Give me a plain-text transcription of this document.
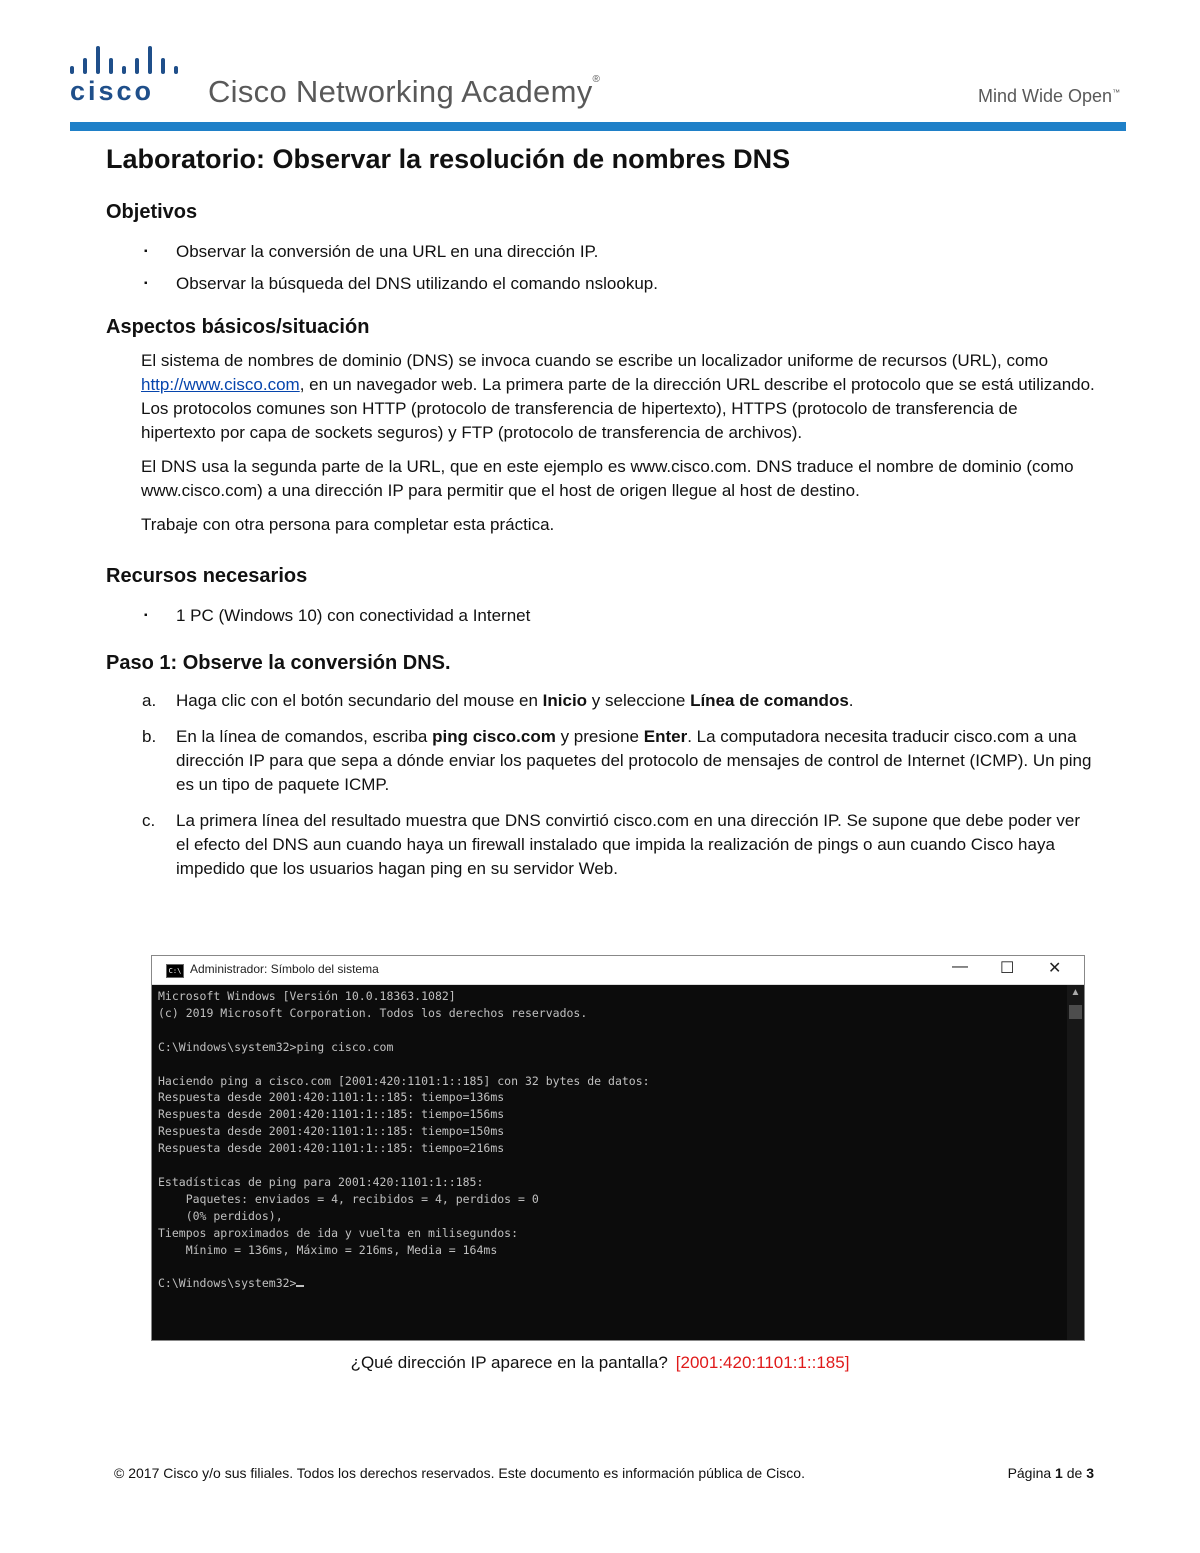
cisco Cisco Networking Academy®
Mind Wide Open™
Laboratorio: Observar la resolución de nombres DNS
Objetivos
▪ Observar la conversión de una URL en una dirección IP.
▪ Observar la búsqueda del DNS utilizando el comando nslookup.
Aspectos básicos/situación

El sistema de nombres de dominio (DNS) se invoca cuando se escribe un localizador uniforme de recursos (URL), como http://www.cisco.com, en un navegador web. La primera parte de la dirección URL describe el protocolo que se está utilizando. Los protocolos comunes son HTTP (protocolo de transferencia de hipertexto), HTTPS (protocolo de transferencia de hipertexto por capa de sockets seguros) y FTP (protocolo de transferencia de archivos).

El DNS usa la segunda parte de la URL, que en este ejemplo es www.cisco.com. DNS traduce el nombre de dominio (como www.cisco.com) a una dirección IP para permitir que el host de origen llegue al host de destino.

Trabaje con otra persona para completar esta práctica.

Recursos necesarios
▪ 1 PC (Windows 10) con conectividad a Internet
Paso 1: Observe la conversión DNS.
a. Haga clic con el botón secundario del mouse en Inicio y seleccione Línea de comandos.
b. En la línea de comandos, escriba ping cisco.com y presione Enter. La computadora necesita traducir cisco.com a una dirección IP para que sepa a dónde enviar los paquetes del protocolo de mensajes de control de Internet (ICMP). Un ping es un tipo de paquete ICMP.
c. La primera línea del resultado muestra que DNS convirtió cisco.com en una dirección IP. Se supone que debe poder ver el efecto del DNS aun cuando haya un firewall instalado que impida la realización de pings o aun cuando Cisco haya impedido que los usuarios hagan ping en su servidor Web.
C:\ Administrador: Símbolo del sistema	— ☐ ✕
Microsoft Windows [Versión 10.0.18363.1082]
(c) 2019 Microsoft Corporation. Todos los derechos reservados.

C:\Windows\system32>ping cisco.com

Haciendo ping a cisco.com [2001:420:1101:1::185] con 32 bytes de datos:
Respuesta desde 2001:420:1101:1::185: tiempo=136ms
Respuesta desde 2001:420:1101:1::185: tiempo=156ms
Respuesta desde 2001:420:1101:1::185: tiempo=150ms
Respuesta desde 2001:420:1101:1::185: tiempo=216ms

Estadísticas de ping para 2001:420:1101:1::185:
Paquetes: enviados = 4, recibidos = 4, perdidos = 0
(0% perdidos),
Tiempos aproximados de ida y vuelta en milisegundos:
Mínimo = 136ms, Máximo = 216ms, Media = 164ms

C:\Windows\system32>
▲
¿Qué dirección IP aparece en la pantalla? [2001:420:1101:1::185]
© 2017 Cisco y/o sus filiales. Todos los derechos reservados. Este documento es información pública de Cisco.	Página 1 de 3
